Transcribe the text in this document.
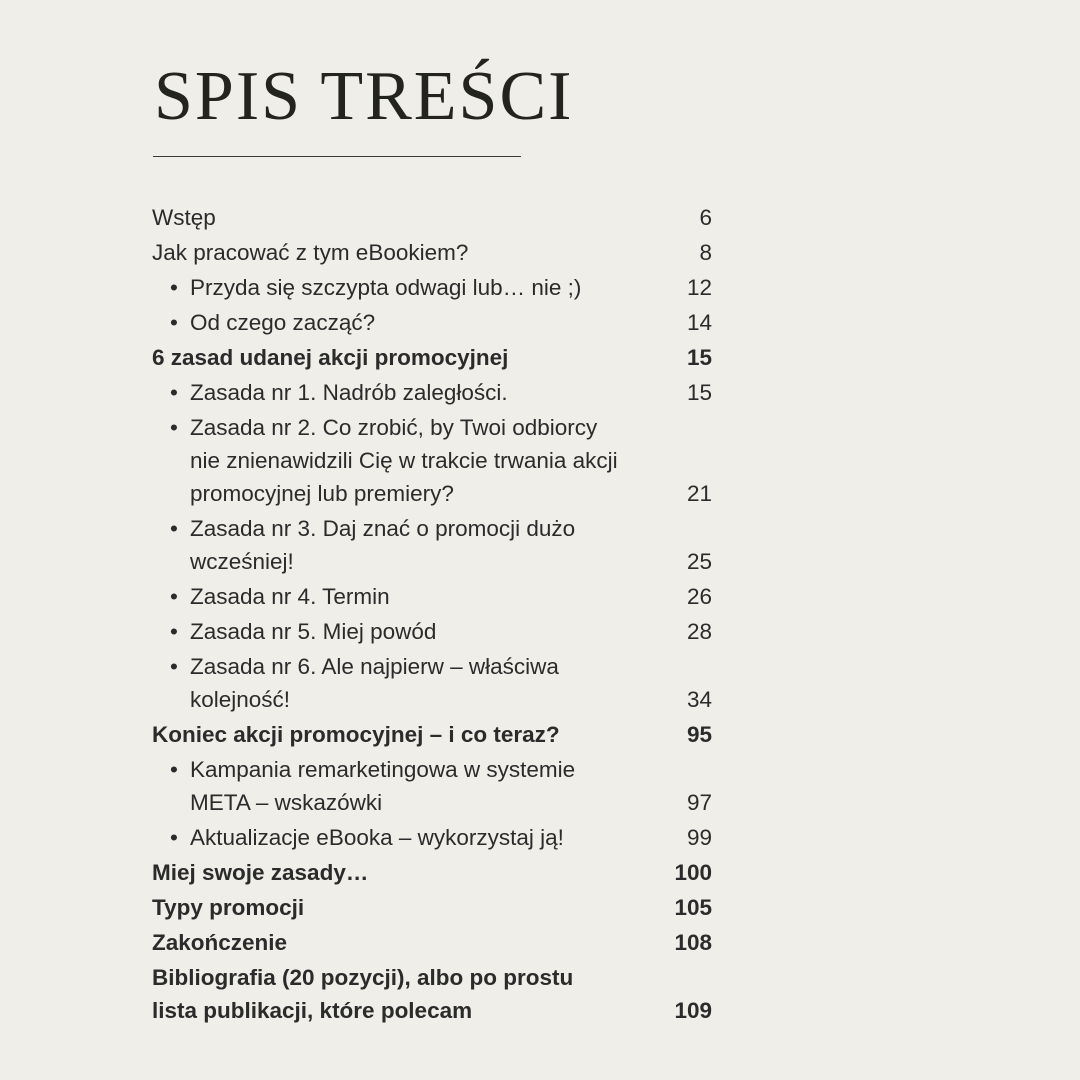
SPIS TREŚCI
Wstęp	6
Jak pracować z tym eBookiem?	8
• Przyda się szczypta odwagi lub… nie ;)	12
• Od czego zacząć?	14
6 zasad udanej akcji promocyjnej	15
• Zasada nr 1. Nadrób zaległości.	15
• Zasada nr 2. Co zrobić, by Twoi odbiorcy nie znienawidzili Cię w trakcie trwania akcji promocyjnej lub premiery?	21
• Zasada nr 3. Daj znać o promocji dużo wcześniej!	25
• Zasada nr 4. Termin	26
• Zasada nr 5. Miej powód	28
• Zasada nr 6. Ale najpierw – właściwa kolejność!	34
Koniec akcji promocyjnej – i co teraz?	95
• Kampania remarketingowa w systemie META – wskazówki	97
• Aktualizacje eBooka – wykorzystaj ją!	99
Miej swoje zasady…	100
Typy promocji	105
Zakończenie	108
Bibliografia (20 pozycji), albo po prostu lista publikacji, które polecam	109
